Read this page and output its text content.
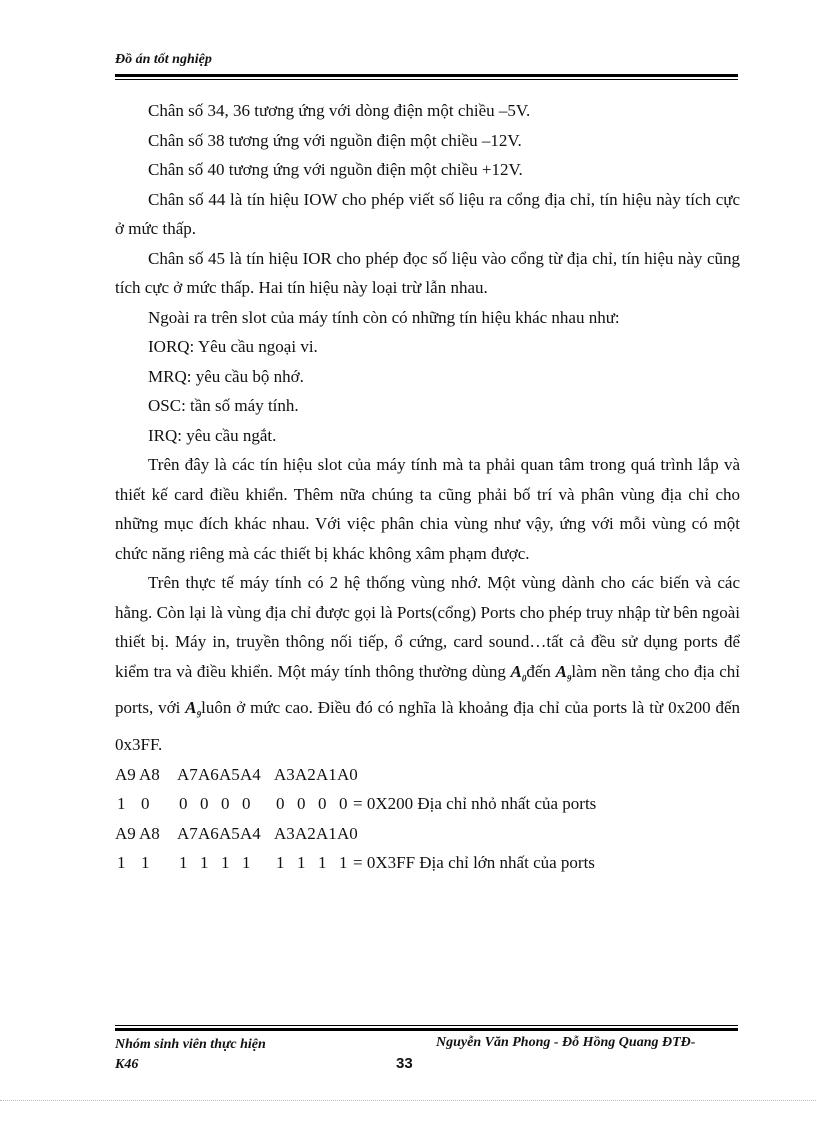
Đồ án tốt nghiệp

Chân số 34, 36 tương ứng với dòng điện một chiều –5V.

Chân số 38 tương ứng với nguồn điện một chiều –12V.

Chân số 40 tương ứng với nguồn điện một chiều +12V.

Chân số 44 là tín hiệu IOW cho phép viết số liệu ra cổng địa chỉ, tín hiệu này tích cực ở mức thấp.

Chân số 45 là tín hiệu IOR cho phép đọc số liệu vào cổng từ địa chỉ, tín hiệu này cũng tích cực ở mức thấp. Hai tín hiệu này loại trừ lẫn nhau.

Ngoài ra trên slot của máy tính còn có những tín hiệu khác nhau như:

IORQ: Yêu cầu ngoại vi.

MRQ: yêu cầu bộ nhớ.

OSC: tần số máy tính.

IRQ: yêu cầu ngắt.

Trên đây là các tín hiệu slot của máy tính mà ta phải quan tâm trong quá trình lắp và thiết kế card điều khiển. Thêm nữa chúng ta cũng phải bố trí và phân vùng địa chỉ cho những mục đích khác nhau. Với việc phân chia vùng như vậy, ứng với mỗi vùng có một chức năng riêng mà các thiết bị khác không xâm phạm được.

Trên thực tế máy tính có 2 hệ thống vùng nhớ. Một vùng dành cho các biến và các hằng. Còn lại là vùng địa chỉ được gọi là Ports(cổng) Ports cho phép truy nhập từ bên ngoài thiết bị. Máy in, truyền thông nối tiếp, ổ cứng, card sound…tất cả đều sử dụng ports để kiểm tra và điều khiển. Một máy tính thông thường dùng $A_0đến$ $A_9làm$ nền tảng cho địa chỉ ports, với $A_9luôn$ ở mức cao. Điều đó có nghĩa là khoảng địa chỉ của ports là từ 0x200 đến 0x3FF.

A9 A8 A7 A6 A5 A4 A3 A2 A1 A0
1 0	0 0 0 0	0 0 0 0 = 0X200 Địa chỉ nhỏ nhất của ports
A9 A8 A7 A6 A5 A4 A3 A2 A1 A0
1 1	1 1 1 1	1 1 1 1 = 0X3FF Địa chỉ lớn nhất của ports
Nhóm sinh viên thực hiện
K46
Nguyễn Văn Phong - Đỗ Hồng Quang ĐTĐ-
33
